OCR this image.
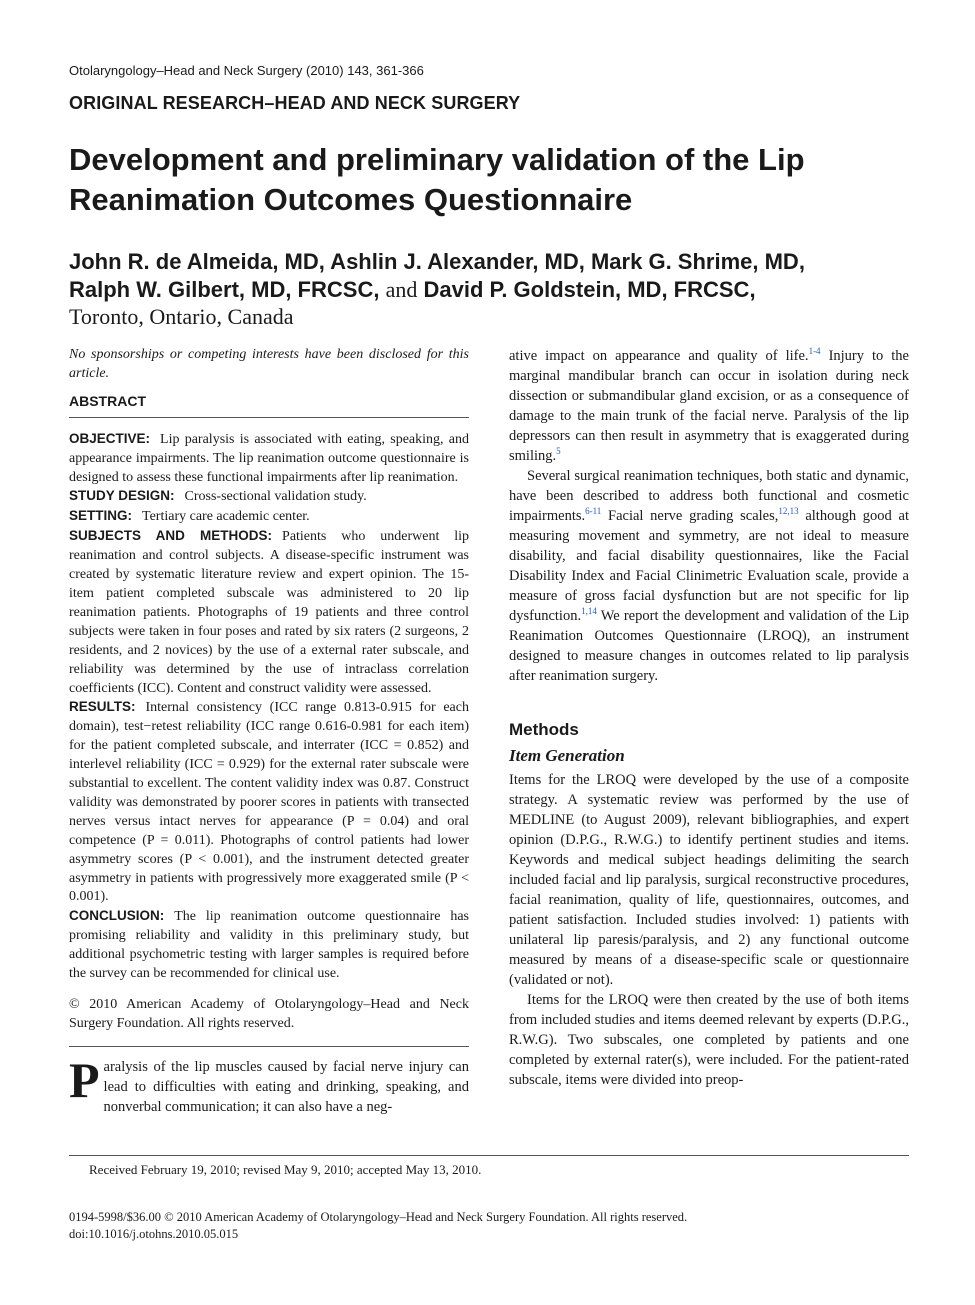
Otolaryngology–Head and Neck Surgery (2010) 143, 361-366
ORIGINAL RESEARCH–HEAD AND NECK SURGERY
Development and preliminary validation of the Lip Reanimation Outcomes Questionnaire
John R. de Almeida, MD, Ashlin J. Alexander, MD, Mark G. Shrime, MD,
Ralph W. Gilbert, MD, FRCSC, and David P. Goldstein, MD, FRCSC,
Toronto, Ontario, Canada

No sponsorships or competing interests have been disclosed for this article.

ABSTRACT

OBJECTIVE: Lip paralysis is associated with eating, speaking, and appearance impairments. The lip reanimation outcome questionnaire is designed to assess these functional impairments after lip reanimation.

STUDY DESIGN: Cross-sectional validation study.

SETTING: Tertiary care academic center.

SUBJECTS AND METHODS: Patients who underwent lip reanimation and control subjects. A disease-specific instrument was created by systematic literature review and expert opinion. The 15-item patient completed subscale was administered to 20 lip reanimation patients. Photographs of 19 patients and three control subjects were taken in four poses and rated by six raters (2 surgeons, 2 residents, and 2 novices) by the use of a external rater subscale, and reliability was determined by the use of intraclass correlation coefficients (ICC). Content and construct validity were assessed.

RESULTS: Internal consistency (ICC range 0.813-0.915 for each domain), test−retest reliability (ICC range 0.616-0.981 for each item) for the patient completed subscale, and interrater (ICC = 0.852) and interlevel reliability (ICC = 0.929) for the external rater subscale were substantial to excellent. The content validity index was 0.87. Construct validity was demonstrated by poorer scores in patients with transected nerves versus intact nerves for appearance (P = 0.04) and oral competence (P = 0.011). Photographs of control patients had lower asymmetry scores (P < 0.001), and the instrument detected greater asymmetry in patients with progressively more exaggerated smile (P < 0.001).

CONCLUSION: The lip reanimation outcome questionnaire has promising reliability and validity in this preliminary study, but additional psychometric testing with larger samples is required before the survey can be recommended for clinical use.

© 2010 American Academy of Otolaryngology–Head and Neck Surgery Foundation. All rights reserved.
Paralysis of the lip muscles caused by facial nerve injury can lead to difficulties with eating and drinking, speaking, and nonverbal communication; it can also have a neg-

ative impact on appearance and quality of life.$^{1-4}$ Injury to the marginal mandibular branch can occur in isolation during neck dissection or submandibular gland excision, or as a consequence of damage to the main trunk of the facial nerve. Paralysis of the lip depressors can then result in asymmetry that is exaggerated during smiling.$^5$

Several surgical reanimation techniques, both static and dynamic, have been described to address both functional and cosmetic impairments.$^{6-11}$ Facial nerve grading scales,$^{12,13}$ although good at measuring movement and symmetry, are not ideal to measure disability, and facial disability questionnaires, like the Facial Disability Index and Facial Clinimetric Evaluation scale, provide a measure of gross facial dysfunction but are not specific for lip dysfunction.$^{1,14}$ We report the development and validation of the Lip Reanimation Outcomes Questionnaire (LROQ), an instrument designed to measure changes in outcomes related to lip paralysis after reanimation surgery.

Methods
Item Generation

Items for the LROQ were developed by the use of a composite strategy. A systematic review was performed by the use of MEDLINE (to August 2009), relevant bibliographies, and expert opinion (D.P.G., R.W.G.) to identify pertinent studies and items. Keywords and medical subject headings delimiting the search included facial and lip paralysis, surgical reconstructive procedures, facial reanimation, quality of life, questionnaires, outcomes, and patient satisfaction. Included studies involved: 1) patients with unilateral lip paresis/paralysis, and 2) any functional outcome measured by means of a disease-specific scale or questionnaire (validated or not).

Items for the LROQ were then created by the use of both items from included studies and items deemed relevant by experts (D.P.G., R.W.G). Two subscales, one completed by patients and one completed by external rater(s), were included. For the patient-rated subscale, items were divided into preop-

Received February 19, 2010; revised May 9, 2010; accepted May 13, 2010.
0194-5998/$36.00 © 2010 American Academy of Otolaryngology–Head and Neck Surgery Foundation. All rights reserved.
doi:10.1016/j.otohns.2010.05.015
